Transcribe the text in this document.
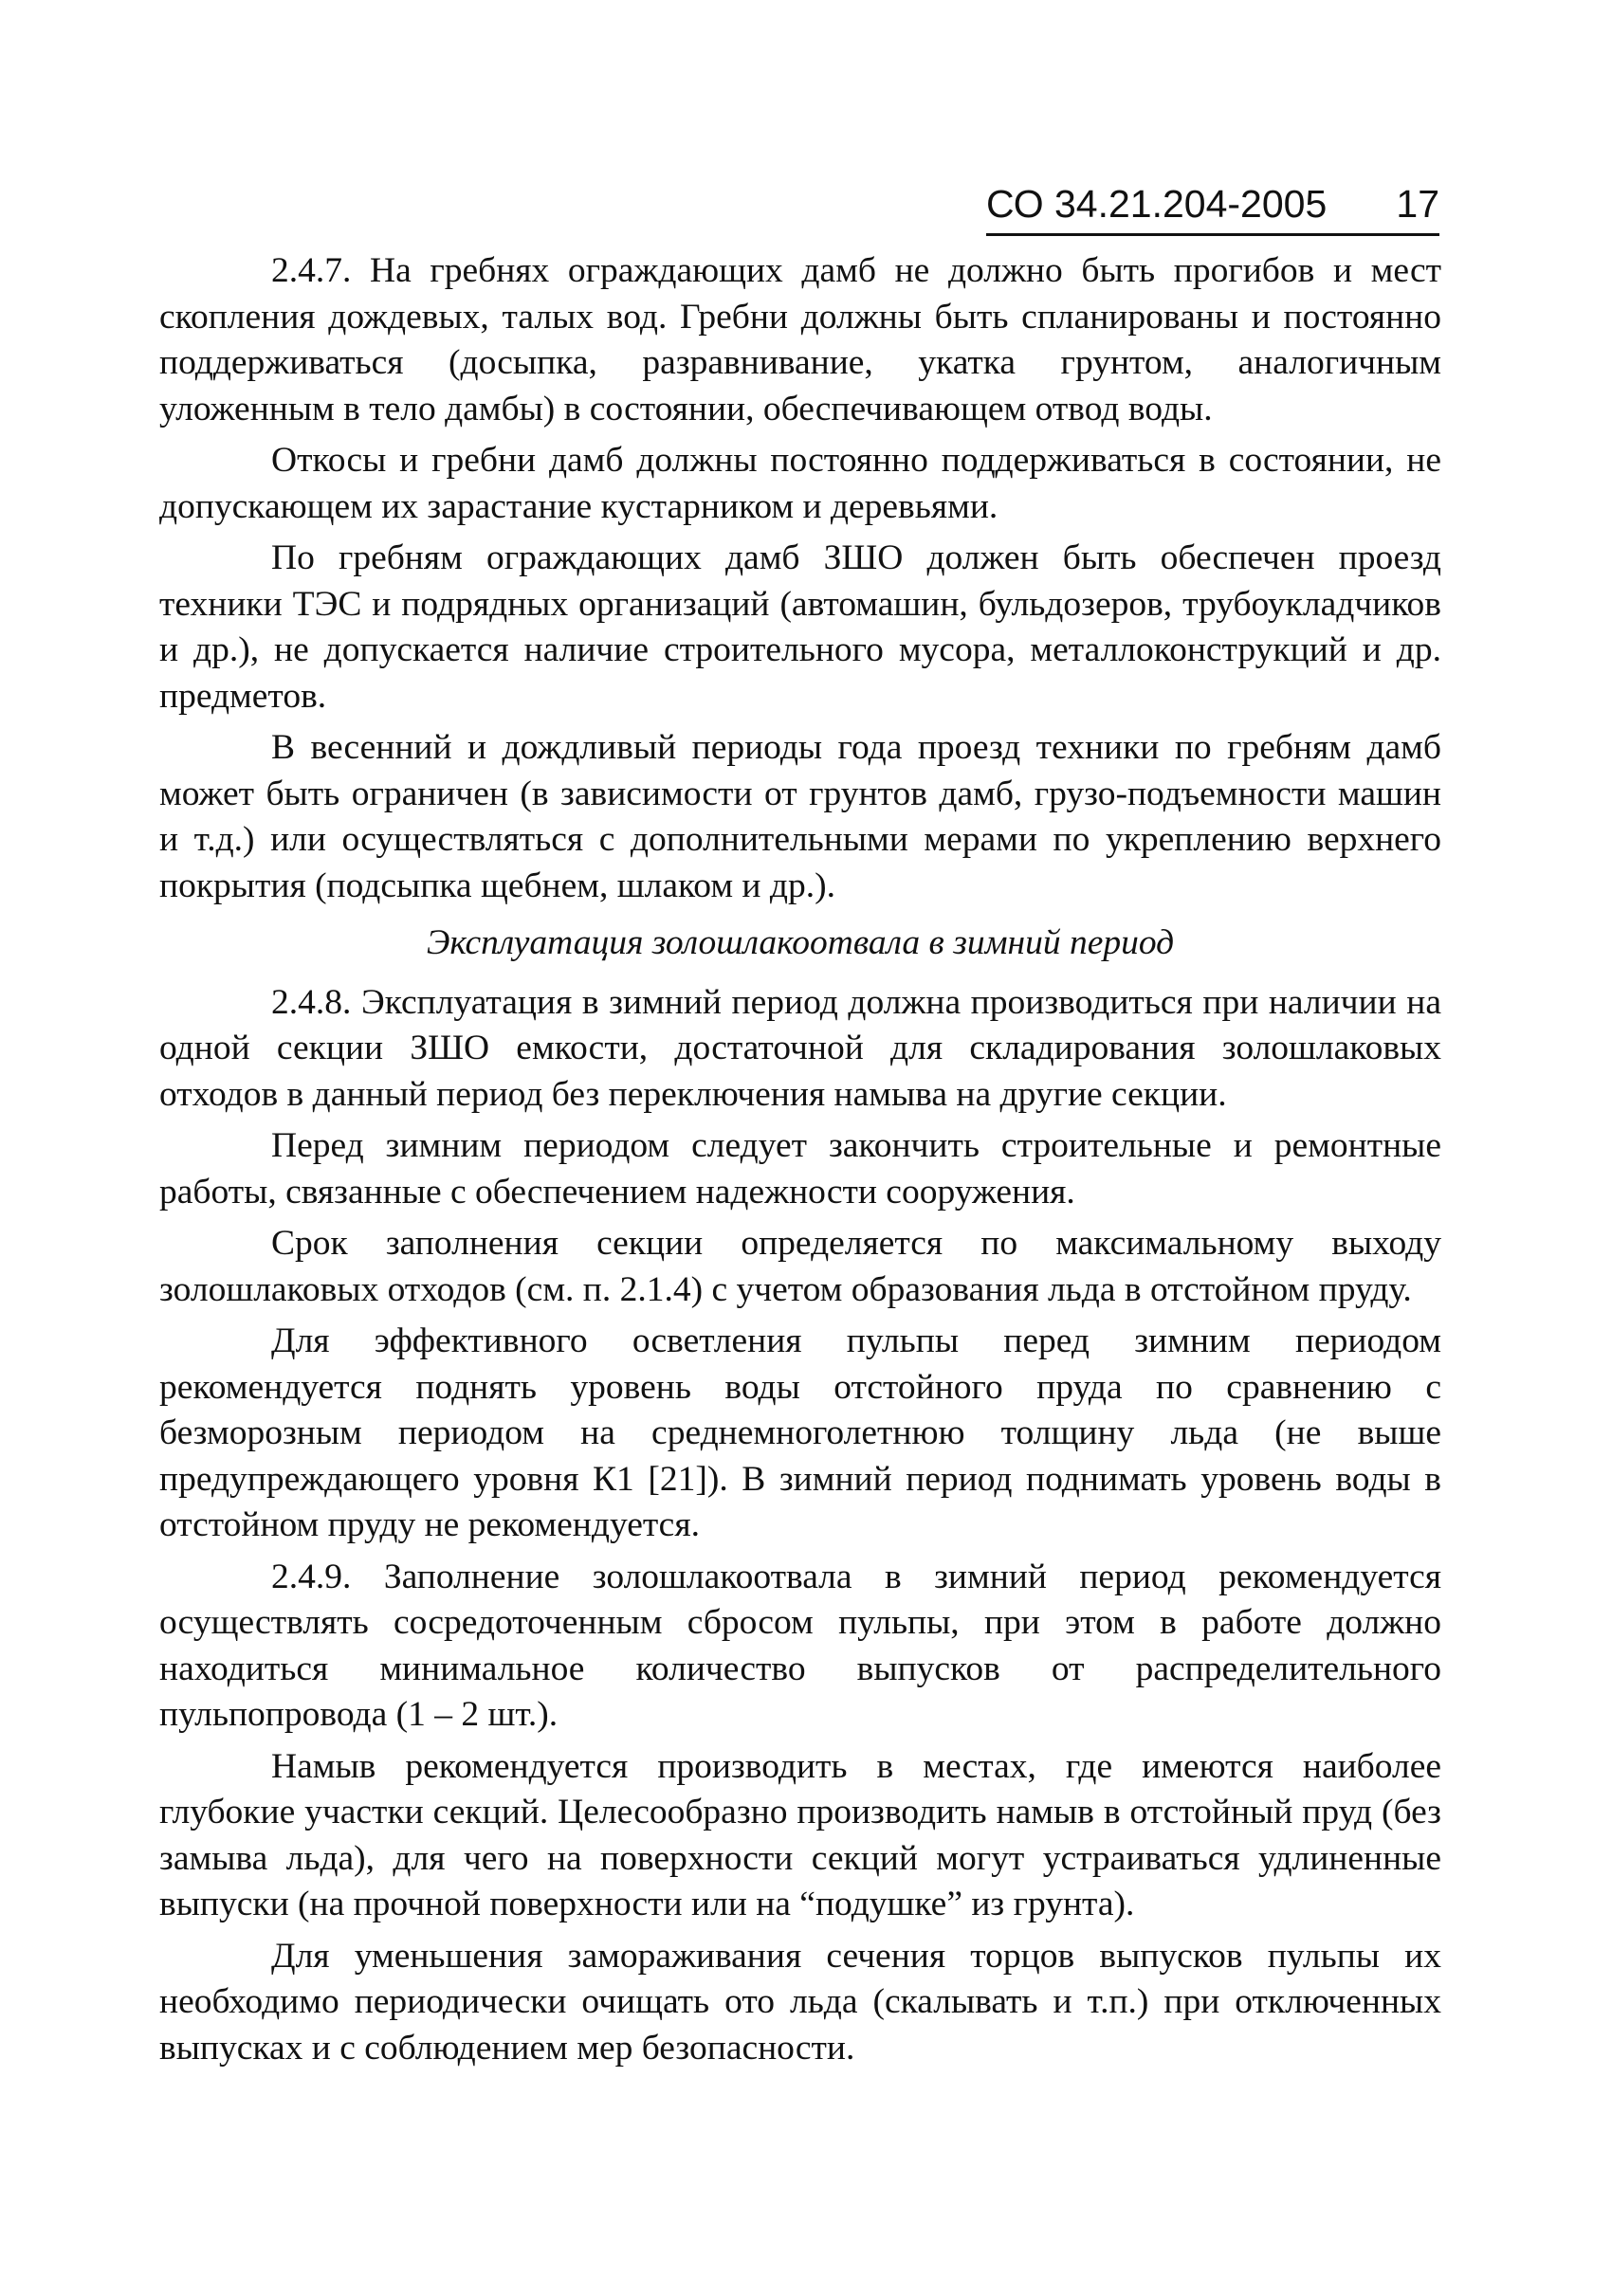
СО 34.21.204-2005 17

2.4.7. На гребнях ограждающих дамб не должно быть прогибов и мест скопления дождевых, талых вод. Гребни должны быть спланированы и постоянно поддерживаться (досыпка, разравнивание, укатка грунтом, аналогичным уложенным в тело дамбы) в состоянии, обеспечивающем отвод воды.

Откосы и гребни дамб должны постоянно поддерживаться в состоянии, не допускающем их зарастание кустарником и деревьями.

По гребням ограждающих дамб ЗШО должен быть обеспечен проезд техники ТЭС и подрядных организаций (автомашин, бульдозеров, трубоукладчиков и др.), не допускается наличие строительного мусора, металлоконструкций и др. предметов.

В весенний и дождливый периоды года проезд техники по гребням дамб может быть ограничен (в зависимости от грунтов дамб, грузо-подъемности машин и т.д.) или осуществляться с дополнительными мерами по укреплению верхнего покрытия (подсыпка щебнем, шлаком и др.).

Эксплуатация золошлакоотвала в зимний период

2.4.8. Эксплуатация в зимний период должна производиться при наличии на одной секции ЗШО емкости, достаточной для складирования золошлаковых отходов в данный период без переключения намыва на другие секции.

Перед зимним периодом следует закончить строительные и ремонтные работы, связанные с обеспечением надежности сооружения.

Срок заполнения секции определяется по максимальному выходу золошлаковых отходов (см. п. 2.1.4) с учетом образования льда в отстойном пруду.

Для эффективного осветления пульпы перед зимним периодом рекомендуется поднять уровень воды отстойного пруда по сравнению с безморозным периодом на среднемноголетнюю толщину льда (не выше предупреждающего уровня К1 [21]). В зимний период поднимать уровень воды в отстойном пруду не рекомендуется.

2.4.9. Заполнение золошлакоотвала в зимний период рекомендуется осуществлять сосредоточенным сбросом пульпы, при этом в работе должно находиться минимальное количество выпусков от распределительного пульпопровода (1 – 2 шт.).

Намыв рекомендуется производить в местах, где имеются наиболее глубокие участки секций. Целесообразно производить намыв в отстойный пруд (без замыва льда), для чего на поверхности секций могут устраиваться удлиненные выпуски (на прочной поверхности или на “подушке” из грунта).

Для уменьшения замораживания сечения торцов выпусков пульпы их необходимо периодически очищать ото льда (скалывать и т.п.) при отключенных выпусках и с соблюдением мер безопасности.
